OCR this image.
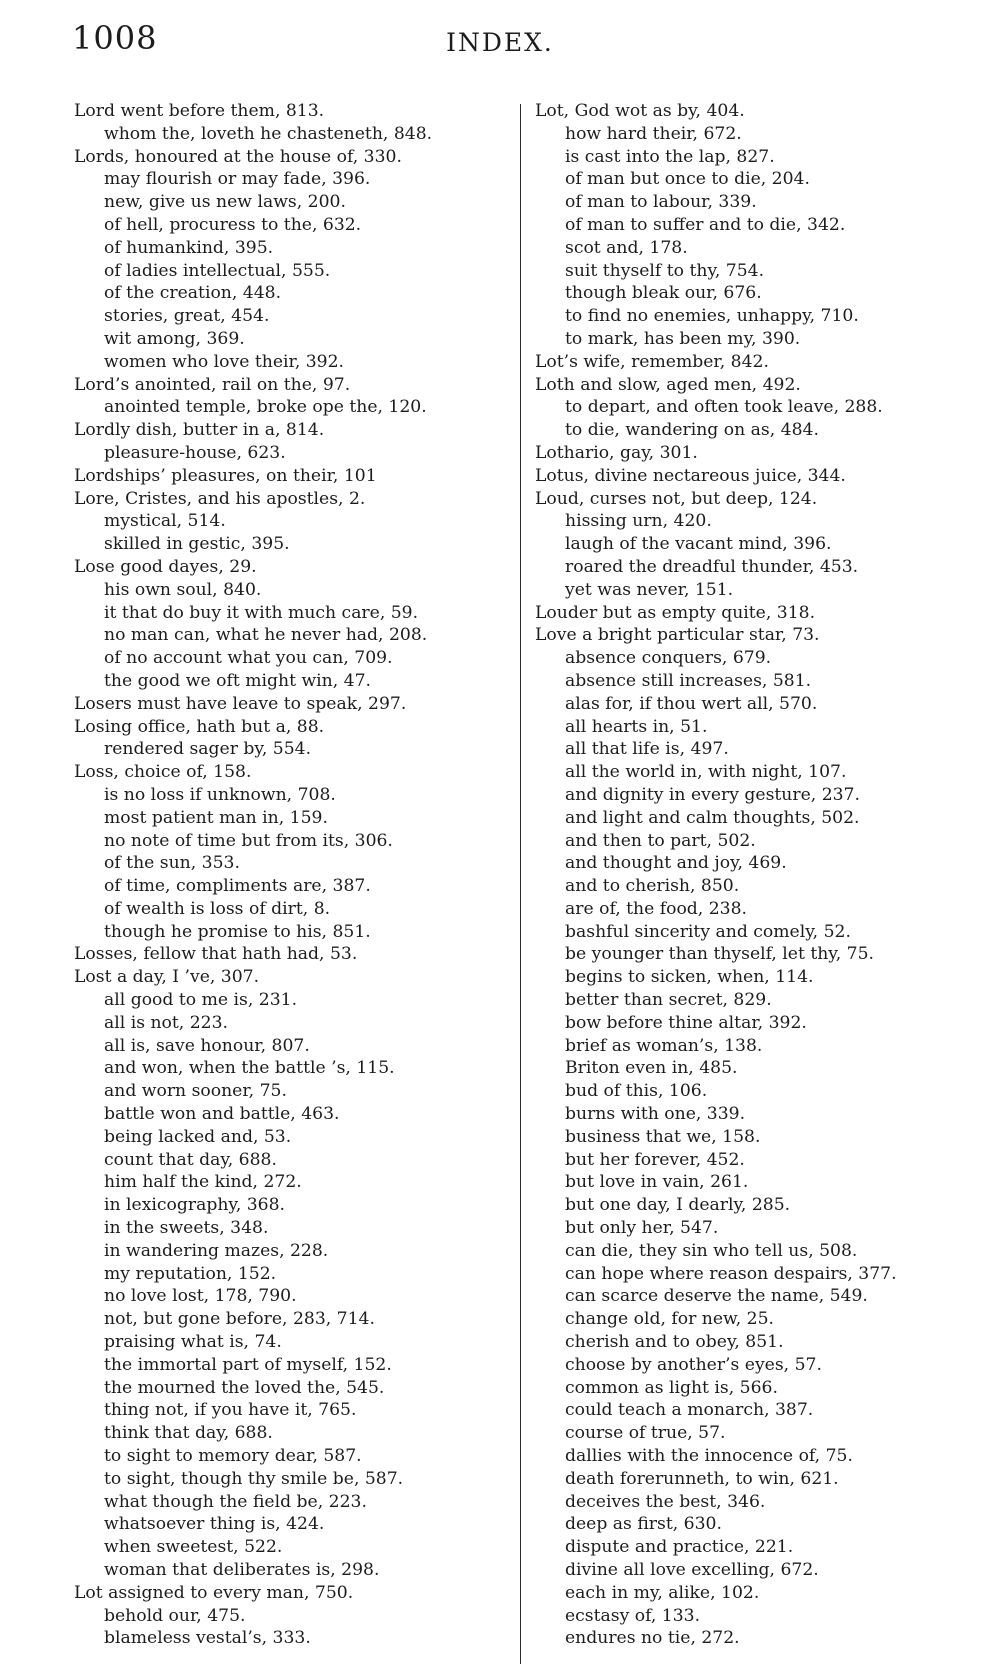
1008	INDEX.
Lord went before them, 813.
whom the, loveth he chasteneth, 848.
Lords, honoured at the house of, 330.
may flourish or may fade, 396.
new, give us new laws, 200.
of hell, procuress to the, 632.
of humankind, 395.
of ladies intellectual, 555.
of the creation, 448.
stories, great, 454.
wit among, 369.
women who love their, 392.
Lord’s anointed, rail on the, 97.
anointed temple, broke ope the, 120.
Lordly dish, butter in a, 814.
pleasure-house, 623.
Lordships’ pleasures, on their, 101
Lore, Cristes, and his apostles, 2.
mystical, 514.
skilled in gestic, 395.
Lose good dayes, 29.
his own soul, 840.
it that do buy it with much care, 59.
no man can, what he never had, 208.
of no account what you can, 709.
the good we oft might win, 47.
Losers must have leave to speak, 297.
Losing office, hath but a, 88.
rendered sager by, 554.
Loss, choice of, 158.
is no loss if unknown, 708.
most patient man in, 159.
no note of time but from its, 306.
of the sun, 353.
of time, compliments are, 387.
of wealth is loss of dirt, 8.
though he promise to his, 851.
Losses, fellow that hath had, 53.
Lost a day, I ’ve, 307.
all good to me is, 231.
all is not, 223.
all is, save honour, 807.
and won, when the battle ’s, 115.
and worn sooner, 75.
battle won and battle, 463.
being lacked and, 53.
count that day, 688.
him half the kind, 272.
in lexicography, 368.
in the sweets, 348.
in wandering mazes, 228.
my reputation, 152.
no love lost, 178, 790.
not, but gone before, 283, 714.
praising what is, 74.
the immortal part of myself, 152.
the mourned the loved the, 545.
thing not, if you have it, 765.
think that day, 688.
to sight to memory dear, 587.
to sight, though thy smile be, 587.
what though the field be, 223.
whatsoever thing is, 424.
when sweetest, 522.
woman that deliberates is, 298.
Lot assigned to every man, 750.
behold our, 475.
blameless vestal’s, 333.
Lot, God wot as by, 404.
how hard their, 672.
is cast into the lap, 827.
of man but once to die, 204.
of man to labour, 339.
of man to suffer and to die, 342.
scot and, 178.
suit thyself to thy, 754.
though bleak our, 676.
to find no enemies, unhappy, 710.
to mark, has been my, 390.
Lot’s wife, remember, 842.
Loth and slow, aged men, 492.
to depart, and often took leave, 288.
to die, wandering on as, 484.
Lothario, gay, 301.
Lotus, divine nectareous juice, 344.
Loud, curses not, but deep, 124.
hissing urn, 420.
laugh of the vacant mind, 396.
roared the dreadful thunder, 453.
yet was never, 151.
Louder but as empty quite, 318.
Love a bright particular star, 73.
absence conquers, 679.
absence still increases, 581.
alas for, if thou wert all, 570.
all hearts in, 51.
all that life is, 497.
all the world in, with night, 107.
and dignity in every gesture, 237.
and light and calm thoughts, 502.
and then to part, 502.
and thought and joy, 469.
and to cherish, 850.
are of, the food, 238.
bashful sincerity and comely, 52.
be younger than thyself, let thy, 75.
begins to sicken, when, 114.
better than secret, 829.
bow before thine altar, 392.
brief as woman’s, 138.
Briton even in, 485.
bud of this, 106.
burns with one, 339.
business that we, 158.
but her forever, 452.
but love in vain, 261.
but one day, I dearly, 285.
but only her, 547.
can die, they sin who tell us, 508.
can hope where reason despairs, 377.
can scarce deserve the name, 549.
change old, for new, 25.
cherish and to obey, 851.
choose by another’s eyes, 57.
common as light is, 566.
could teach a monarch, 387.
course of true, 57.
dallies with the innocence of, 75.
death forerunneth, to win, 621.
deceives the best, 346.
deep as first, 630.
dispute and practice, 221.
divine all love excelling, 672.
each in my, alike, 102.
ecstasy of, 133.
endures no tie, 272.
